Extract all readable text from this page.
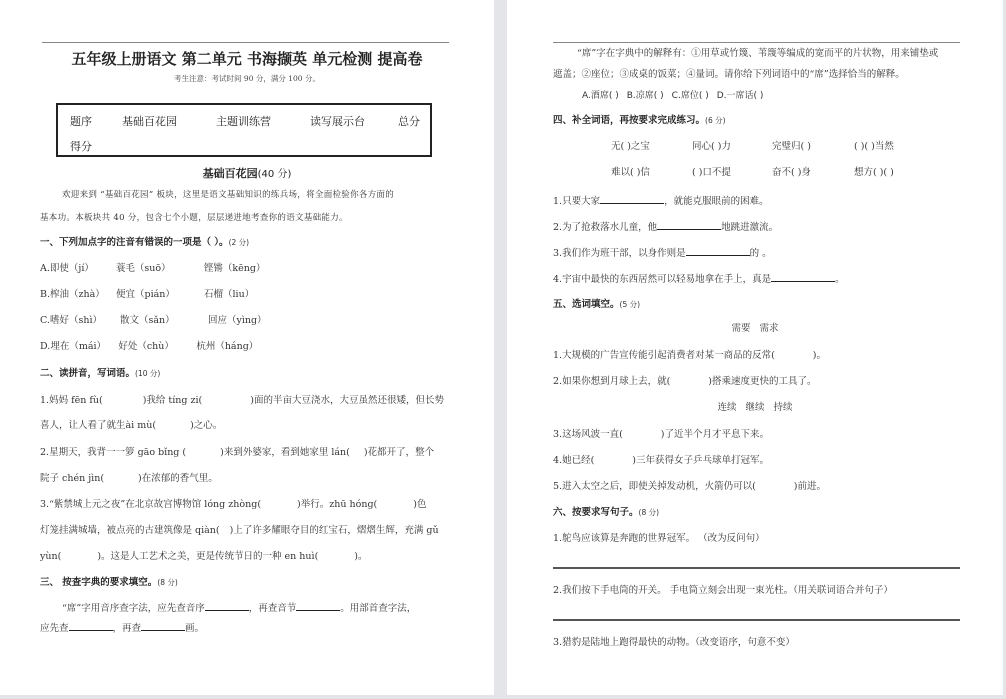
五年级上册语文 第二单元 书海撷英 单元检测 提高卷
考生注意：考试时间 90 分，满分 100 分。
题序	基础百花园	主题训练营	读写展示台	总分
得分
基础百花园(40 分)
欢迎来到 “基础百花园” 板块，这里是语文基础知识的练兵场，将全面检验你各方面的
基本功。本板块共 40 分，包含七个小题，层层递进地考查你的语文基础能力。
一、下列加点字的注音有错误的一项是（ ）。(2 分)
A.即使（jí） 蓑毛（suō）	铿锵（kēng）
B.榨油（zhà） 便宜（pián）	石榴（liu）
C.嗜好（shì） 散文（sǎn）	回应（yìng）
D.埋在（mái） 好处（chù） 杭州（háng）
二、读拼音，写词语。(10 分)
1.妈妈 fēn fù(	)我给 tíng zi(	)面的半亩大豆浇水，大豆虽然还很矮，但长势
喜人，让人看了就生ài mù(	)之心。
2.星期天，我背一一箩 gāo bǐng (	)来到外婆家，看到她家里 lán( )花都开了，整个
院子 chén jìn(	)在浓郁的香气里。
3.“紫禁城上元之夜”在北京故宫博物馆 lóng zhòng(	)举行。zhū hóng(	)色
灯笼挂满城墙，被点亮的古建筑像是 qiàn( )上了许多耀眼夺目的红宝石，熠熠生辉，充满 gǔ
yùn(	)。这是人工艺术之美，更是传统节日的一种 en huì(	)。
三、 按查字典的要求填空。(8 分)
“席”字用音序查字法，应先查音序	，再查音节	。用部首查字法，
应先查	，再查	画。
“席”字在字典中的解释有：①用草或竹篾、苇篾等编成的宽而平的片状物，用来铺垫或
遮盖；②座位；③成桌的饭菜；④量词。请你给下列词语中的“席”选择恰当的解释。
A.酒席( ) B.凉席( ) C.席位( ) D.一席话( )
四、补全词语，再按要求完成练习。(6 分)
无( )之宝	同心( )力	完璧归( )	( )( )当然
难以( )信	( )口不提	奋不( )身	想方( )( )
1.只要大家	，就能克服眼前的困难。
2.为了抢救落水儿童，他	地跳进激流。
3.我们作为班干部，以身作则是	的 。
4.宇宙中最快的东西居然可以轻易地拿在手上，真是	。
五、选词填空。(5 分)
需要   需求
1.大规模的广告宣传能引起消费者对某一商品的反常(	)。
2.如果你想到月球上去，就(	)搭乘速度更快的工具了。
连续   继续   持续
3.这场风波一直(	)了近半个月才平息下来。
4.她已经(	)三年获得女子乒乓球单打冠军。
5.进入太空之后，即使关掉发动机，火箭仍可以(	)前进。
六、按要求写句子。(8 分)
1.鸵鸟应该算是奔跑的世界冠军。 （改为反问句）
2.我们按下手电筒的开关。 手电筒立刻会出现一束光柱。（用关联词语合并句子）
3.猎豹是陆地上跑得最快的动物。（改变语序，句意不变）
